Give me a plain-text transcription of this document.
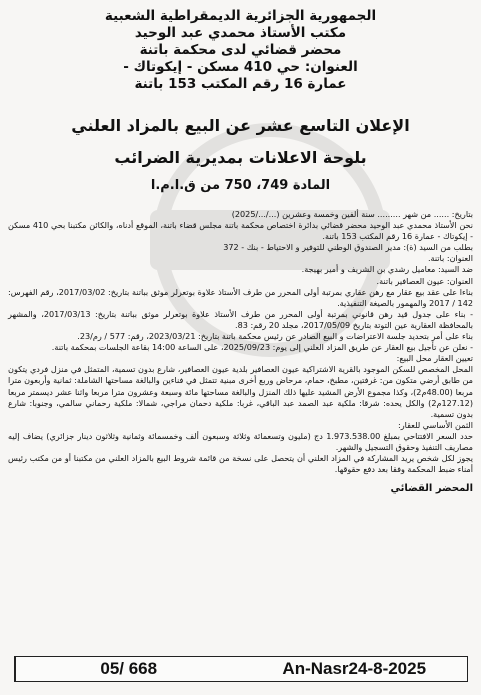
الجمهورية الجزائرية الديمقراطية الشعبية
مكتب الأستاذ محمدي عبد الوحيد
محضر قضائي لدى محكمة باتنة
العنوان: حي 410 مسكن - إيكوتاك -
عمارة 16 رقم المكتب 153 باتنة
الإعلان التاسع عشر عن البيع بالمزاد العلني
بلوحة الاعلانات بمديرية الضرائب
المادة 749، 750 من ق.ا.م.ا

بتاريخ: ...... من شهر ......... سنة ألفين وخمسة وعشرين (.../.../2025)

نحن الأستاذ محمدي عبد الوحيد محضر قضائي بدائرة اختصاص محكمة باتنة مجلس قضاء باتنة، الموقع أدناه، والكائن مكتبنا بحي 410 مسكن - إيكوتاك - عمارة 16 رقم المكتب 153 باتنة.

بطلب من السيد (ة): مدير الصندوق الوطني للتوفير و الاحتياط - بنك - 372

العنوان: باتنة.

ضد السيد: معاميل رشدي بن الشريف و أمير بهيجة.

العنوان: عيون العصافير باتنة.

بناءا على عقد بيع عقار مع رهن عقاري بمرتبة أولى المحرر من طرف الأستاذ علاوة بوتعرلر موثق بباتنة بتاريخ: 2017/03/02، رقم الفهرس: 142 / 2017 والمهمور بالصيغة التنفيذية.

- بناء على جدول قيد رهن قانوني بمرتبة أولى المحرر من طرف الأستاذ علاوة بوتعرلر موثق بباتنة بتاريخ: 2017/03/13، والمشهر بالمحافظة العقارية عين التوتة بتاريخ 2017/05/09، مجلد 20 رقم: 83.

بناء على أمر بتحديد جلسة الاعتراضات و البيع الصادر عن رئيس محكمة باتنة بتاريخ: 2023/03/21، رقم: 577 / رم/23.

- نعلن عن تأجيل بيع العقار عن طريق المزاد العلني إلى يوم: 2025/09/23، على الساعة 14:00 بقاعة الجلسات بمحكمة باتنة.

تعيين العقار محل البيع:

المحل المخصص للسكن الموجود بالقرية الاشتراكية عيون العصافير بلدية عيون العصافير، شارع بدون تسمية، المتمثل في منزل فردي يتكون من طابق أرضي متكون من: غرفتين، مطبخ، حمام، مرحاض وربع أخرى مبنية تتمثل في فناءين والبالغة مساحتها الشاملة: ثمانية وأربعون مترا مربعا (48.00م2)، وكذا مجموع الأرض المشيد عليها ذلك المنزل والبالغة مساحتها مائة وسبعة وعشرون مترا مربعا واثنا عشر ديسمتر مربعا (127.12م2) والكل يحده: شرقا: ملكية عبد الصمد عبد الباقي، غربا: ملكية دحمان مراجي، شمالا: ملكية رحماني سالمي، وجنوبا: شارع بدون تسمية.

الثمن الأساسي للعقار:

حدد السعر الافتتاحي بمبلغ 1.973.538.00 دج (مليون وتسعمائة وثلاثة وسبعون ألف وخمسمائة وثمانية وثلاثون دينار جزائري) يضاف إليه مصاريف التنفيذ وحقوق التسجيل والشهر.

يجوز لكل شخص يريد المشاركة في المزاد العلني أن يتحصل على نسخة من قائمة شروط البيع بالمزاد العلني من مكتبنا أو من مكتب رئيس أمناء ضبط المحكمة وفقا بعد دفع حقوقها.

المحضر القضائي

05/ 668	An-Nasr24-8-2025
